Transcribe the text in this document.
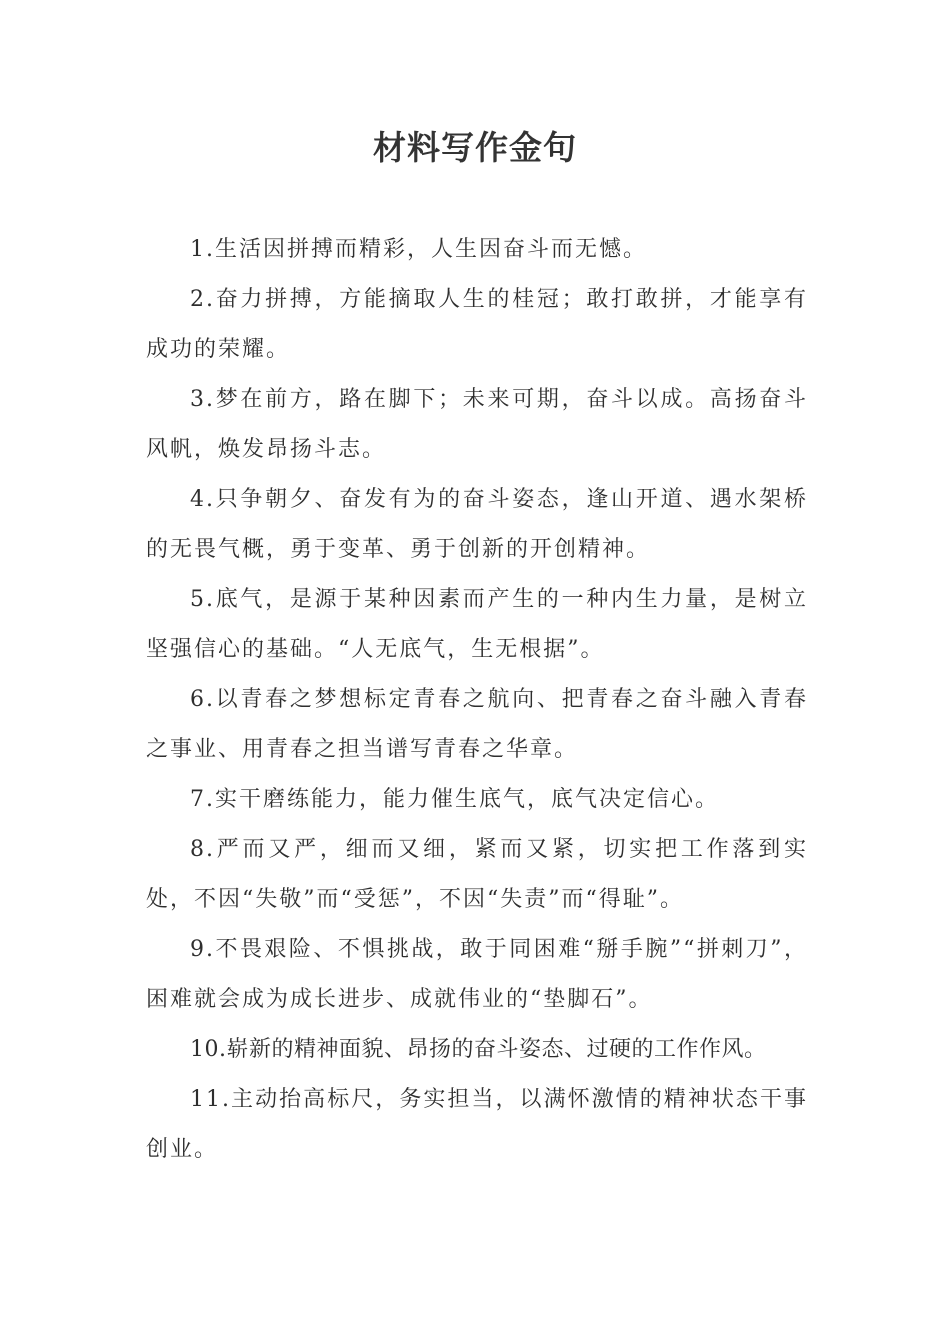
材料写作金句

1.生活因拼搏而精彩，人生因奋斗而无憾。

2.奋力拼搏，方能摘取人生的桂冠；敢打敢拼，才能享有成功的荣耀。

3.梦在前方，路在脚下；未来可期，奋斗以成。高扬奋斗风帆，焕发昂扬斗志。

4.只争朝夕、奋发有为的奋斗姿态，逢山开道、遇水架桥的无畏气概，勇于变革、勇于创新的开创精神。

5.底气，是源于某种因素而产生的一种内生力量，是树立坚强信心的基础。“人无底气，生无根据”。

6.以青春之梦想标定青春之航向、把青春之奋斗融入青春之事业、用青春之担当谱写青春之华章。

7.实干磨练能力，能力催生底气，底气决定信心。

8.严而又严，细而又细，紧而又紧，切实把工作落到实处，不因“失敬”而“受惩”，不因“失责”而“得耻”。

9.不畏艰险、不惧挑战，敢于同困难“掰手腕”“拼刺刀”，困难就会成为成长进步、成就伟业的“垫脚石”。

10.崭新的精神面貌、昂扬的奋斗姿态、过硬的工作作风。

11.主动抬高标尺，务实担当，以满怀激情的精神状态干事创业。
